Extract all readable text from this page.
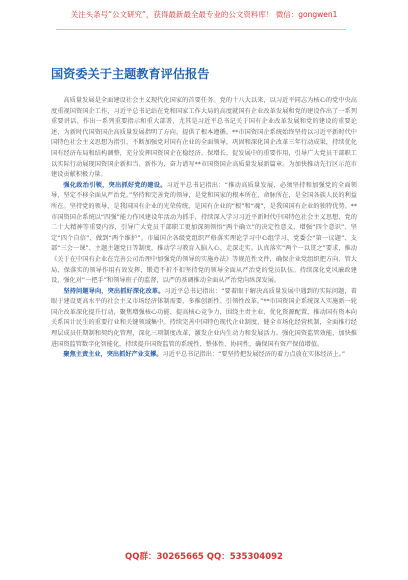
关注头条号“公文研究”，获得最新最全最专业的公文资料库！ 微信：gongwen1
国资委关于主题教育评估报告

高质量发展是全面建设社会主义现代化国家的首要任务。党的十八大以来，以习近平同志为核心的党中央高度重视国资国企工作，习近平总书记站在党和国家工作大局的高度就国有企业改革发展和党的建设作出了一系列重要讲话、作出一系列重要指示和重大部署，尤其是习近平总书记关于国有企业改革发展和党的建设的重要论述，为新时代国资国企高质量发展指明了方向、提供了根本遵循。**市国资国企系统始终坚持以习近平新时代中国特色社会主义思想为指引，不断加强党对国有企业的全面领导，巩固和深化国企改革三年行动成果，持续优化国有经济布局和结构调整，充分发挥国资国企在稳经济、保增长、促发展中的重要作用，引导广大党员干部职工以实际行动展现国资国企新担当、新作为，奋力谱写**市国资国企高质量发展新篇章。为加快推动先行区示范市建设贡献积极力量。

强化政治引领，突出抓好党的建设。习近平总书记指出：“推动高质量发展，必须坚持和加强党的全面领导，坚定不移全面从严治党。”坚持和完善党的领导，是党和国家的根本所在、命脉所在，是全国各族人民的利益所在。坚持党的领导，是我国国有企业的光荣传统，是国有企业的“根”和“魂”，是我国国有企业的独特优势。**市国资国企系统以“四强”能力作风建设年活动为抓手，持续深入学习习近平新时代中国特色社会主义思想、党的二十大精神等重要内容，引导广大党员干部职工更加深刻领悟“两个确立”的决定性意义，增强“四个意识”、坚定“四个自信”、做到“两个维护”。市属国企各级党组织严格落实理论学习中心组学习、党委会“第一议题”、支部“三会一课”、主题主题党日等制度，推动学习教育入脑入心、走深走实。认真落实“两个一以贯之”要求，推动《关于在中国有企业在完善公司治理中加强党的领导的实施办法》等规范性文件，确保企业党组织把方向、管大局、保落实的领导作用有效发挥，锻造不折不扣坚持党的领导全面从严治党的党员队伍。持续深化党风廉政建设，强化对“一把手”和领导班子的监督，以严的基调推动全面从严治党向纵深发展。

坚持问题导向，突出抓好深化改革。习近平总书记指出：“要着眼于解决高质量发展中遇到的实际问题，着眼于建设更高水平的社会主义市场经济体制需要，多推创新性、引领性改革。”**市国资国企系统深入实施新一轮国企改革深化提升行动，聚焦增强核心功能、提高核心竞争力，围绕主责主业、优化资源配置，推动国有资本向关系国计民生的重要行业和关键领域集中。持续完善中国特色现代企业制度，健全市场化经营机制，全面推行经理层成员任期制和契约化管理，深化三项制度改革，激发企业内生动力和发展活力。强化国资监管效能，加快推进国资监管数字化智能化，持续提升国资监管的系统性、整体性、协同性，确保国有资产保值增值。

聚焦主责主业，突出抓好产业支撑。习近平总书记指出：“要坚持把发展经济的着力点放在实体经济上。”

QQ群：30265665 QQ：535304092
